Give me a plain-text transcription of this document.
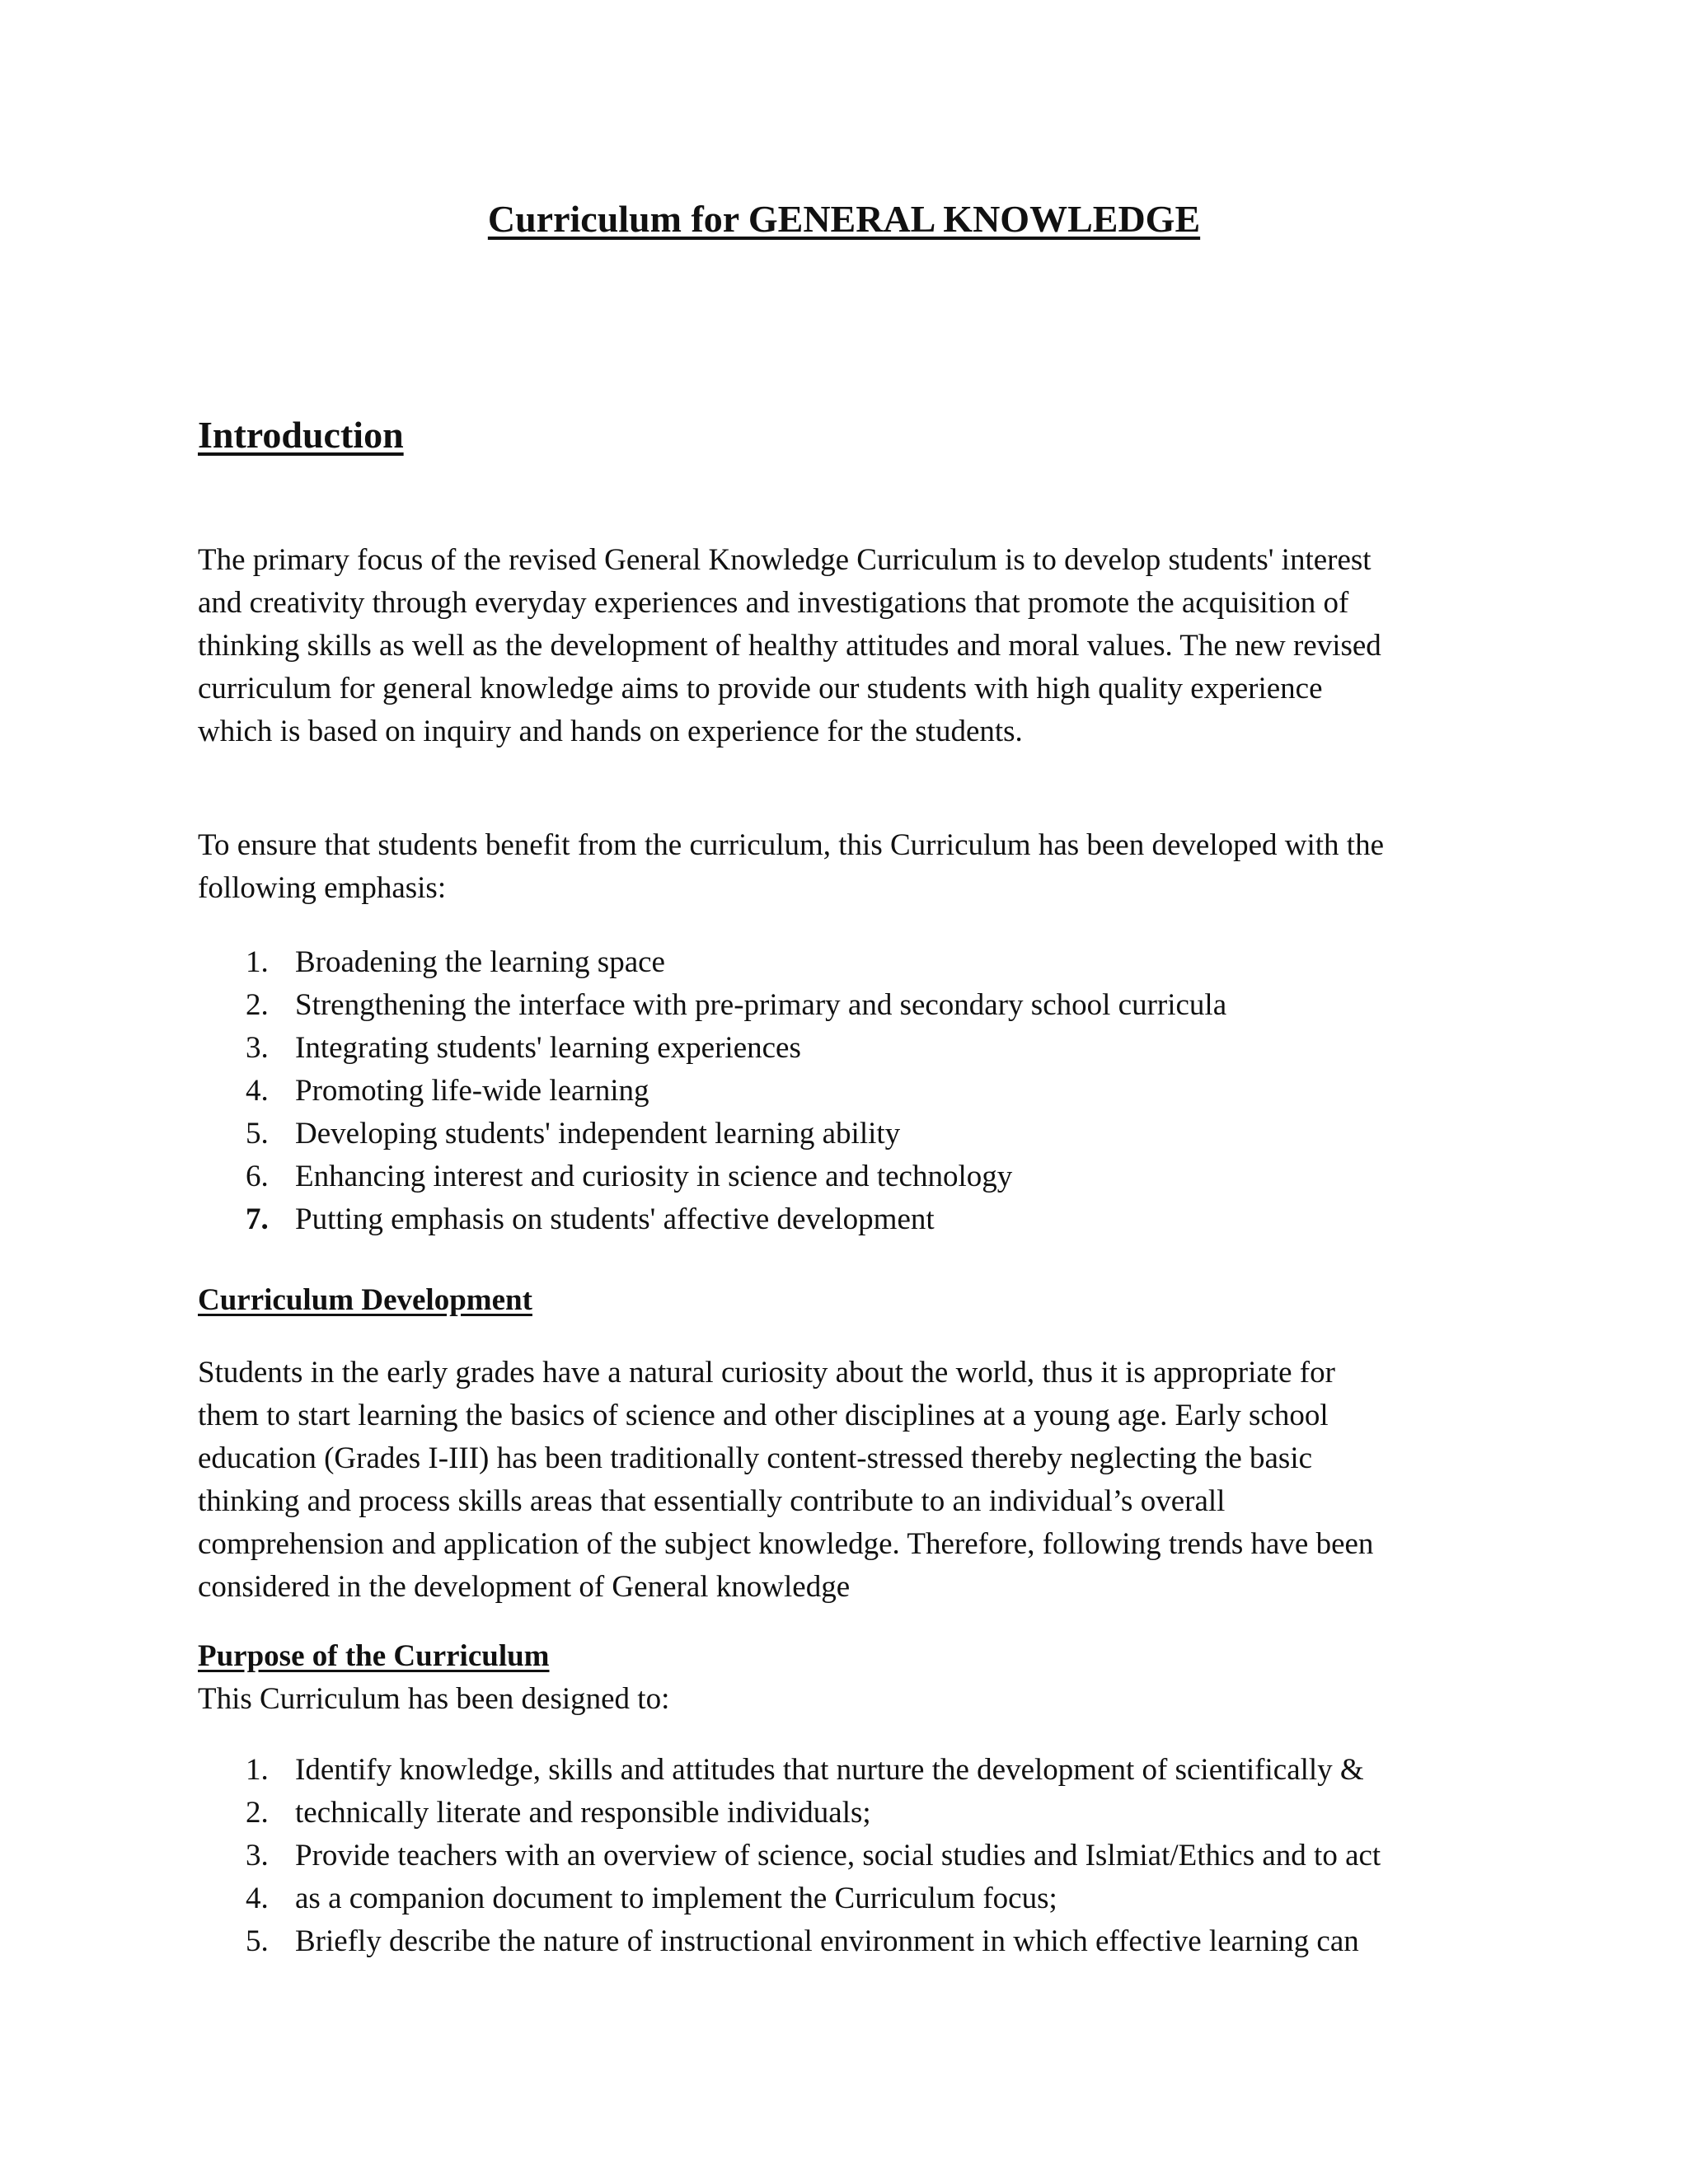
Curriculum for GENERAL KNOWLEDGE
Introduction

The primary focus of the revised General Knowledge Curriculum is to develop students' interest
and creativity through everyday experiences and investigations that promote the acquisition of
thinking skills as well as the development of healthy attitudes and moral values. The new revised
curriculum for general knowledge aims to provide our students with high quality experience
which is based on inquiry and hands on experience for the students.

To ensure that students benefit from the curriculum, this Curriculum has been developed with the
following emphasis:

1. Broadening the learning space
2. Strengthening the interface with pre-primary and secondary school curricula
3. Integrating students' learning experiences
4. Promoting life-wide learning
5. Developing students' independent learning ability
6. Enhancing interest and curiosity in science and technology
7. Putting emphasis on students' affective development
Curriculum Development

Students in the early grades have a natural curiosity about the world, thus it is appropriate for
them to start learning the basics of science and other disciplines at a young age. Early school
education (Grades I-III) has been traditionally content-stressed thereby neglecting the basic
thinking and process skills areas that essentially contribute to an individual’s overall
comprehension and application of the subject knowledge. Therefore, following trends have been
considered in the development of General knowledge

Purpose of the Curriculum

This Curriculum has been designed to:

1. Identify knowledge, skills and attitudes that nurture the development of scientifically &
2. technically literate and responsible individuals;
3. Provide teachers with an overview of science, social studies and Islmiat/Ethics and to act
4. as a companion document to implement the Curriculum focus;
5. Briefly describe the nature of instructional environment in which effective learning can
